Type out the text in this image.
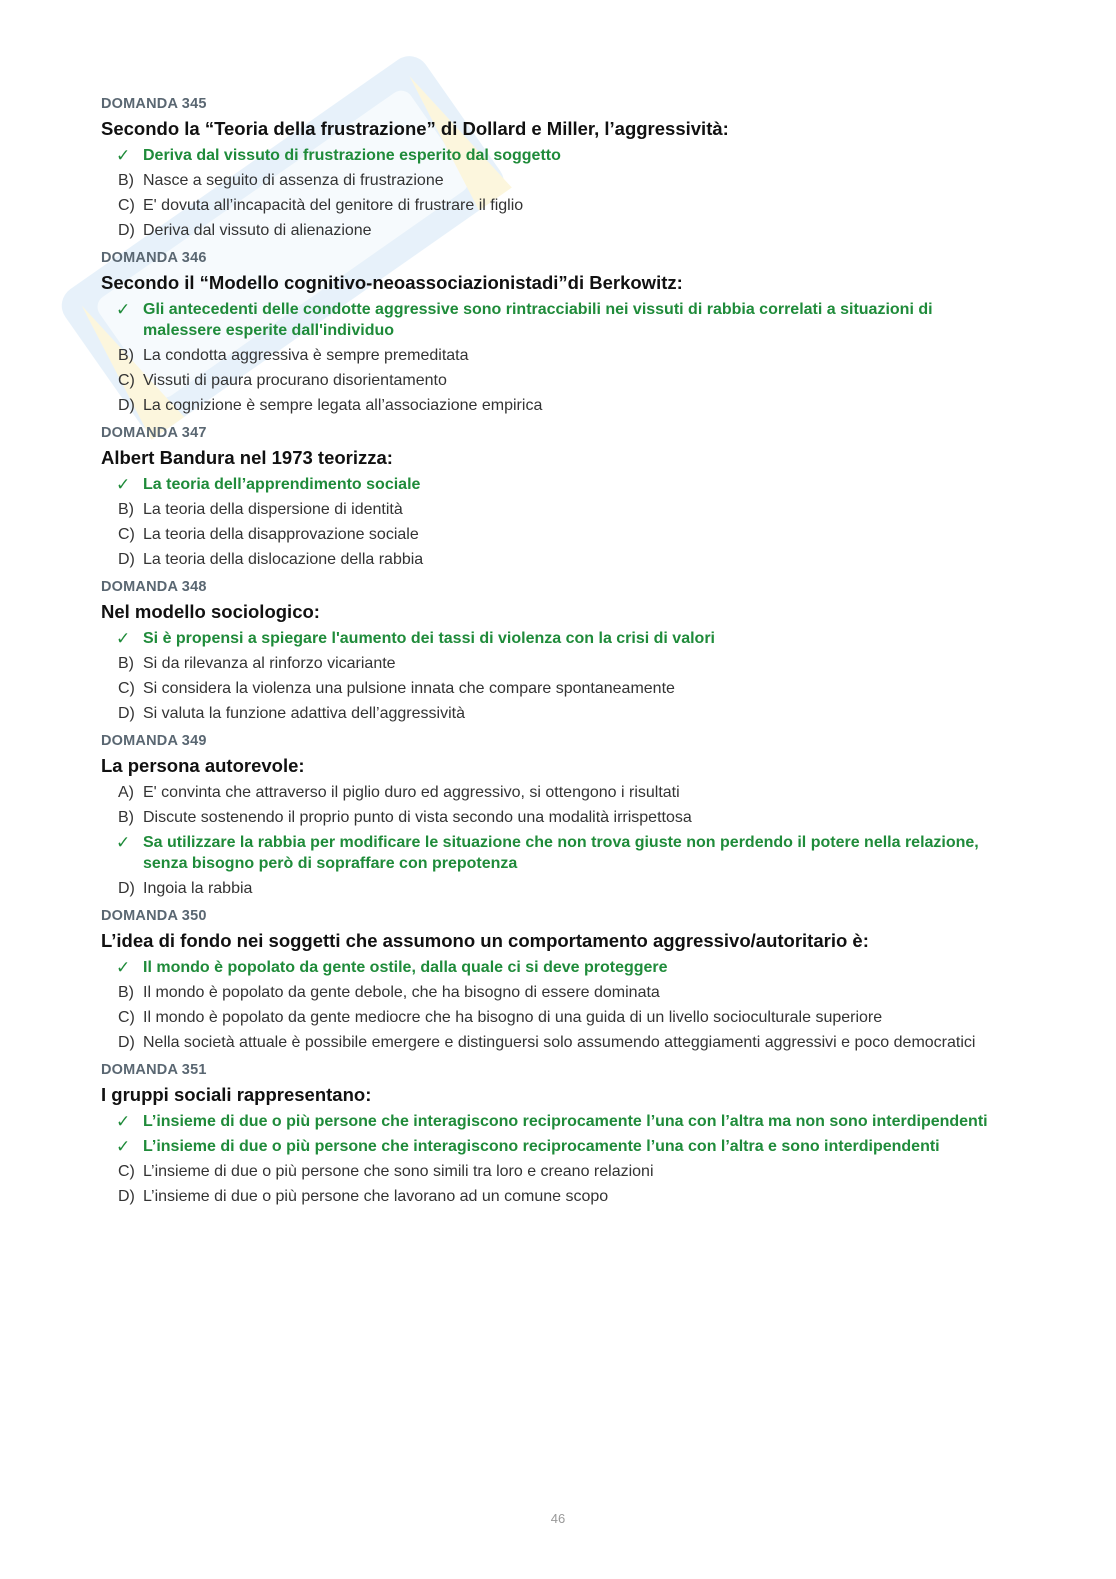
DOMANDA 345
Secondo la “Teoria della frustrazione” di Dollard e Miller, l’aggressività:
✓ Deriva dal vissuto di frustrazione esperito dal soggetto
B) Nasce a seguito di assenza di frustrazione
C) E' dovuta all’incapacità del genitore di frustrare il figlio
D) Deriva dal vissuto di alienazione
DOMANDA 346
Secondo il “Modello cognitivo-neoassociazionistadi”di Berkowitz:
✓ Gli antecedenti delle condotte aggressive sono rintracciabili nei vissuti di rabbia correlati a situazioni di malessere esperite dall'individuo
B) La condotta aggressiva è sempre premeditata
C) Vissuti di paura procurano disorientamento
D) La cognizione è sempre legata all’associazione empirica
DOMANDA 347
Albert Bandura nel 1973 teorizza:
✓ La teoria dell’apprendimento sociale
B) La teoria della dispersione di identità
C) La teoria della disapprovazione sociale
D) La teoria della dislocazione della rabbia
DOMANDA 348
Nel modello sociologico:
✓ Si è propensi a spiegare l'aumento dei tassi di violenza con la crisi di valori
B) Si da rilevanza al rinforzo vicariante
C) Si considera la violenza una pulsione innata che compare spontaneamente
D) Si valuta la funzione adattiva dell’aggressività
DOMANDA 349
La persona autorevole:
A) E' convinta che attraverso il piglio duro ed aggressivo, si ottengono i risultati
B) Discute sostenendo il proprio punto di vista secondo una modalità irrispettosa
✓ Sa utilizzare la rabbia per modificare le situazione che non trova giuste non perdendo il potere nella relazione, senza bisogno però di sopraffare con prepotenza
D) Ingoia la rabbia
DOMANDA 350
L’idea di fondo nei soggetti che assumono un comportamento aggressivo/autoritario è:
✓ Il mondo è popolato da gente ostile, dalla quale ci si deve proteggere
B) Il mondo è popolato da gente debole, che ha bisogno di essere dominata
C) Il mondo è popolato da gente mediocre che ha bisogno di una guida di un livello socioculturale superiore
D) Nella società attuale è possibile emergere e distinguersi solo assumendo atteggiamenti aggressivi e poco democratici
DOMANDA 351
I gruppi sociali rappresentano:
✓ L’insieme di due o più persone che interagiscono reciprocamente l’una con l’altra ma non sono interdipendenti
✓ L’insieme di due o più persone che interagiscono reciprocamente l’una con l’altra e sono interdipendenti
C) L’insieme di due o più persone che sono simili tra loro e creano relazioni
D) L’insieme di due o più persone che lavorano ad un comune scopo
46
